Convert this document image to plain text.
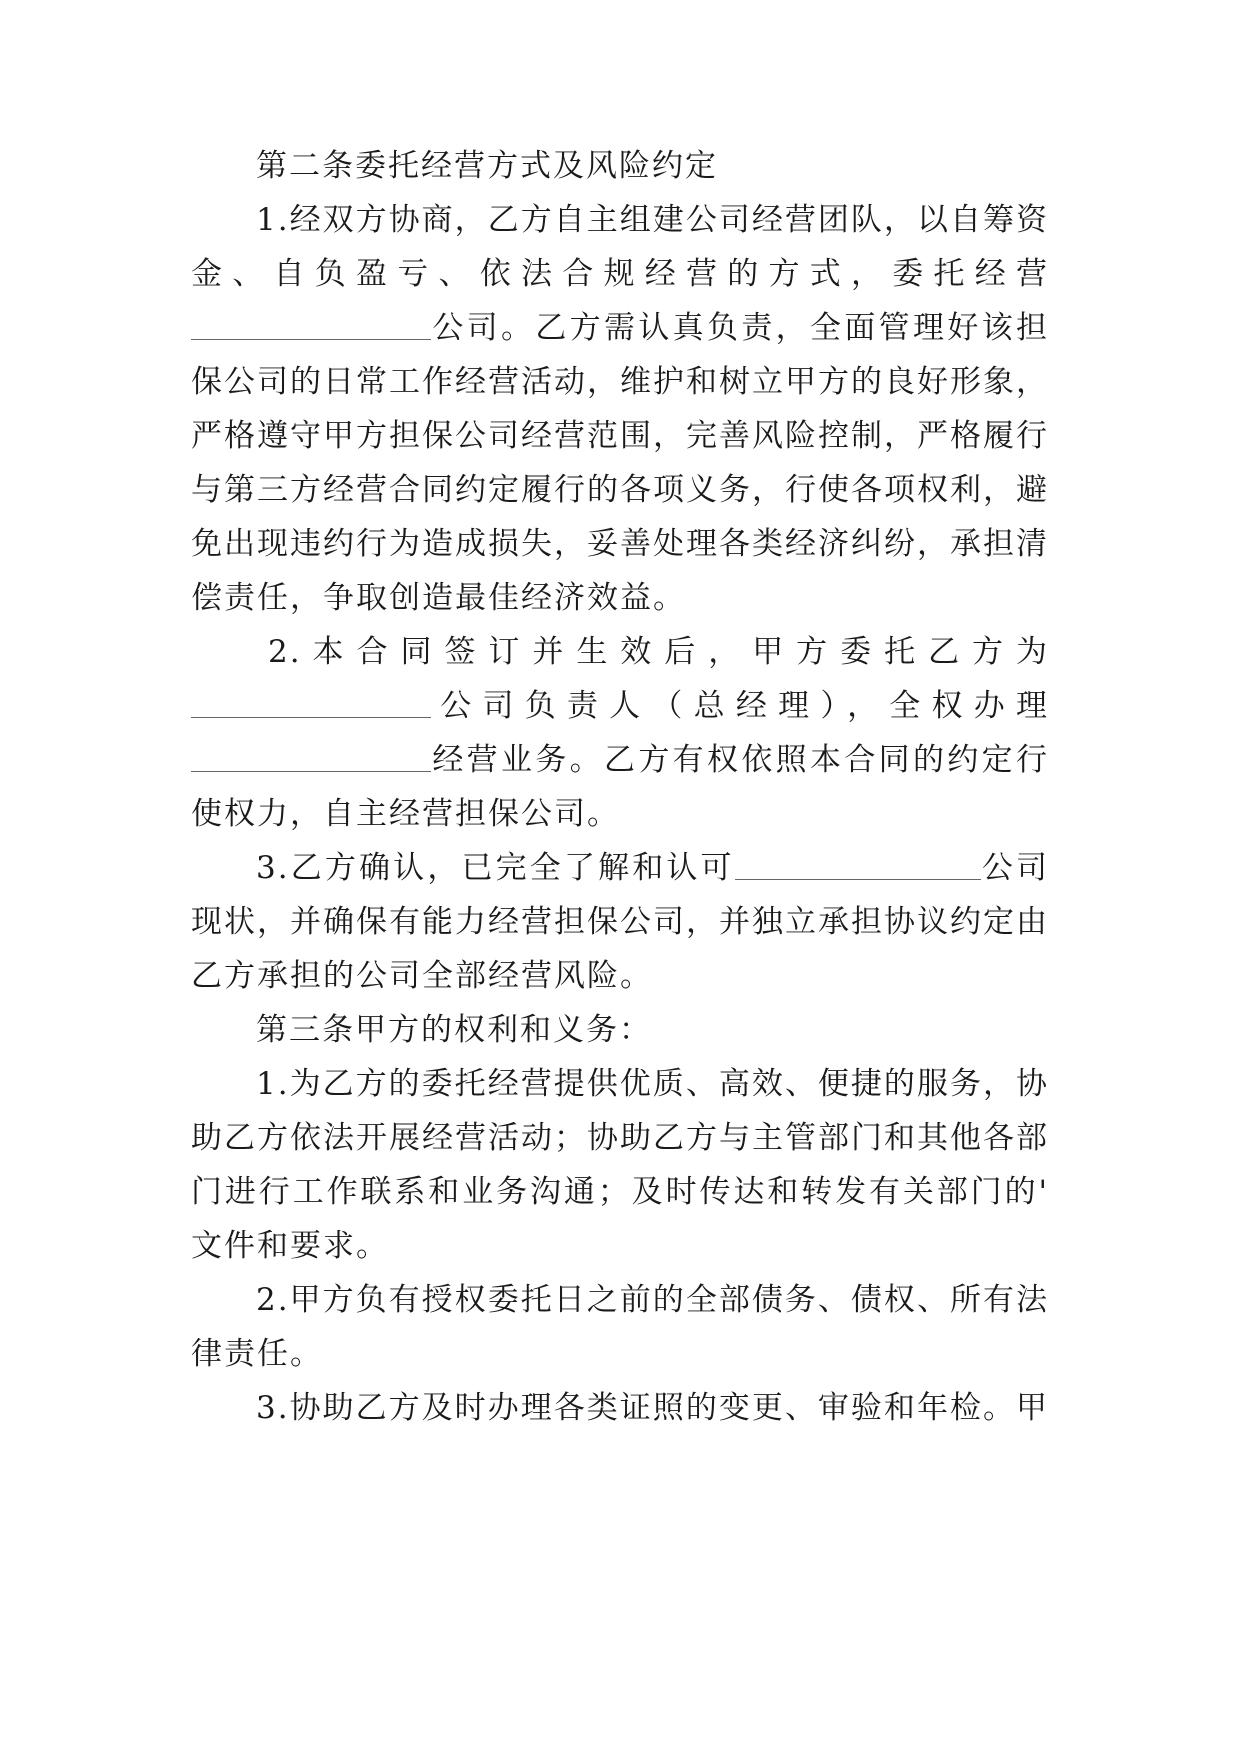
第二条委托经营方式及风险约定

1.经双方协商，乙方自主组建公司经营团队，以自筹资

金、自负盈亏、依法合规经营的方式，委托经营

公司。乙方需认真负责，全面管理好该担

保公司的日常工作经营活动，维护和树立甲方的良好形象，

严格遵守甲方担保公司经营范围，完善风险控制，严格履行

与第三方经营合同约定履行的各项义务，行使各项权利，避

免出现违约行为造成损失，妥善处理各类经济纠纷，承担清

偿责任，争取创造最佳经济效益。

2.本合同签订并生效后，甲方委托乙方为

公司负责人（总经理），全权办理

经营业务。乙方有权依照本合同的约定行

使权力，自主经营担保公司。

3.乙方确认，已完全了解和认可	公司

现状，并确保有能力经营担保公司，并独立承担协议约定由

乙方承担的公司全部经营风险。

第三条甲方的权利和义务：

1.为乙方的委托经营提供优质、高效、便捷的服务，协

助乙方依法开展经营活动；协助乙方与主管部门和其他各部

门进行工作联系和业务沟通；及时传达和转发有关部门的'

文件和要求。

2.甲方负有授权委托日之前的全部债务、债权、所有法

律责任。

3.协助乙方及时办理各类证照的变更、审验和年检。甲
